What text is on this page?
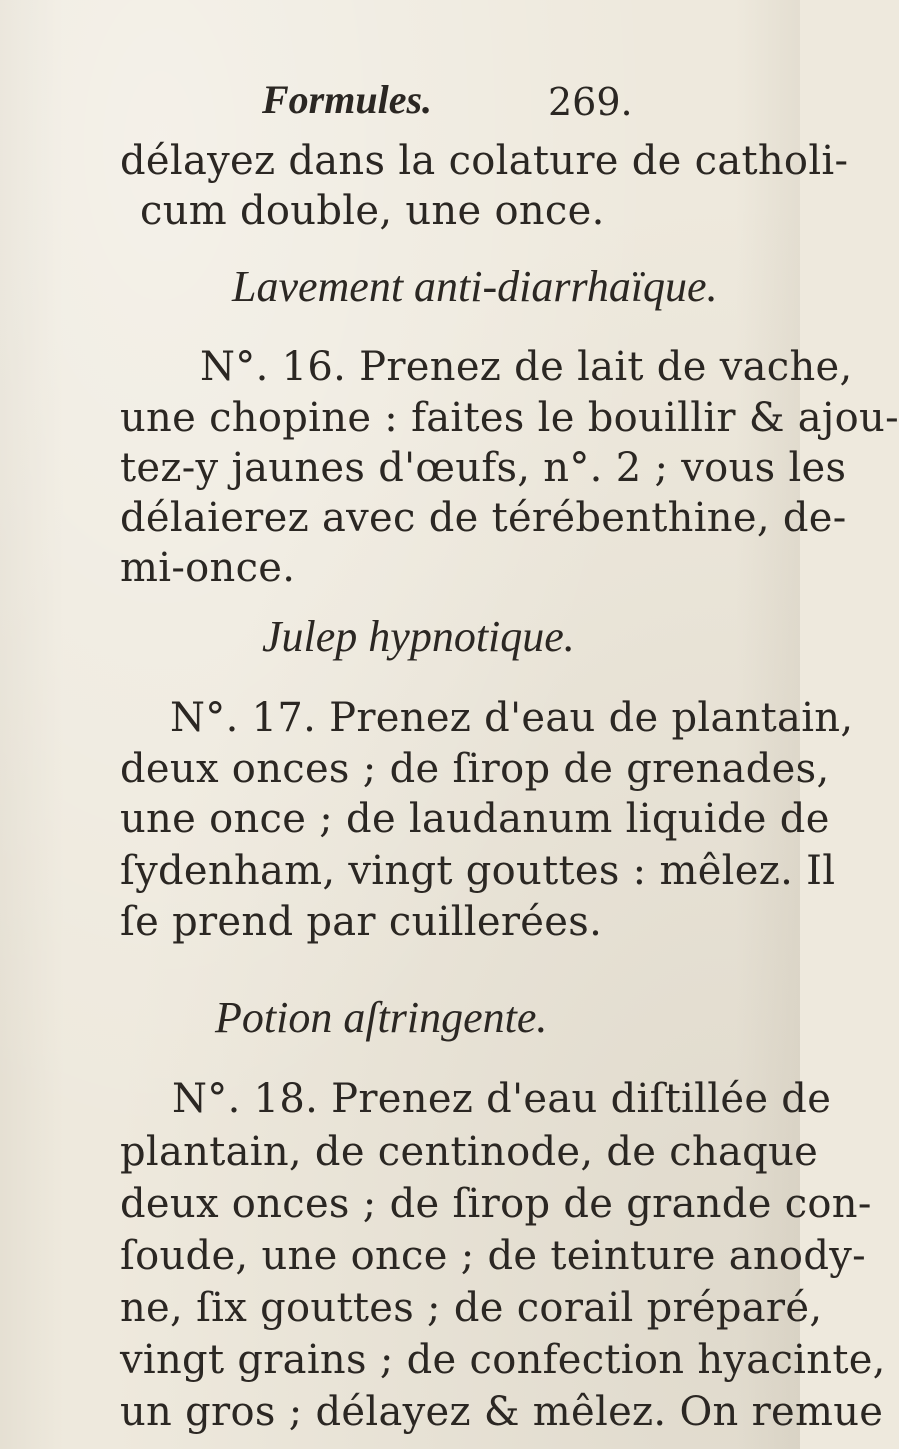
Formules.	269.
délayez dans la colature de catholi-
cum double, une once.
Lavement anti-diarrhaïque.
N°. 16. Prenez de lait de vache,
une chopine : faites le bouillir & ajou-
tez-y jaunes d'œufs, n°. 2 ; vous les
délaierez avec de térébenthine, de-
mi-once.
Julep hypnotique.
N°. 17. Prenez d'eau de plantain,
deux onces ; de ſirop de grenades,
une once ; de laudanum liquide de
ſydenham, vingt gouttes : mêlez. Il
ſe prend par cuillerées.
Potion aſtringente.
N°. 18. Prenez d'eau diſtillée de
plantain, de centinode, de chaque
deux onces ; de ſirop de grande con-
ſoude, une once ; de teinture anody-
ne, ſix gouttes ; de corail préparé,
vingt grains ; de confection hyacinte,
un gros ; délayez & mêlez. On remue
